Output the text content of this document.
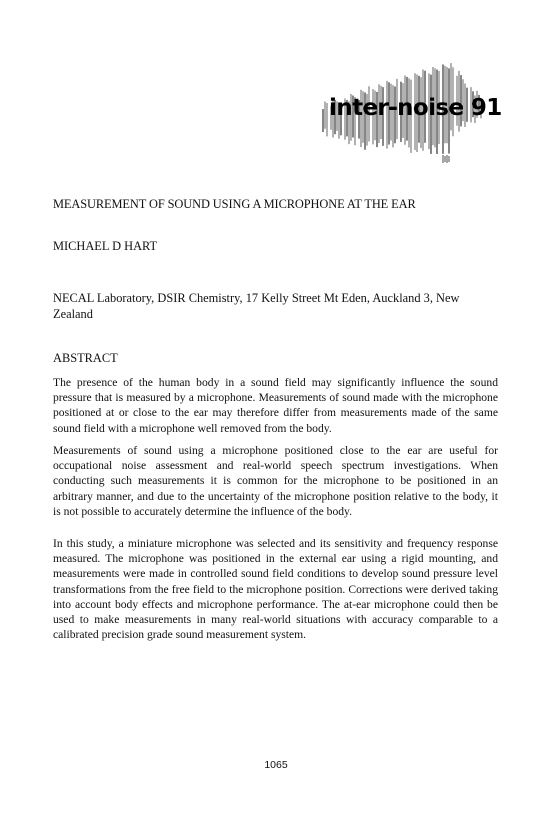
inter-noise 91
MEASUREMENT OF SOUND USING A MICROPHONE AT THE EAR
MICHAEL D HART
NECAL Laboratory, DSIR Chemistry, 17 Kelly Street Mt Eden, Auckland 3, New Zealand
ABSTRACT

The presence of the human body in a sound field may significantly influence the sound pressure that is measured by a microphone. Measurements of sound made with the microphone positioned at or close to the ear may therefore differ from measurements made of the same sound field with a microphone well removed from the body.

Measurements of sound using a microphone positioned close to the ear are useful for occupational noise assessment and real-world speech spectrum investigations. When conducting such measurements it is common for the microphone to be positioned in an arbitrary manner, and due to the uncertainty of the microphone position relative to the body, it is not possible to accurately determine the influence of the body.

In this study, a miniature microphone was selected and its sensitivity and frequency response measured. The microphone was positioned in the external ear using a rigid mounting, and measurements were made in controlled sound field conditions to develop sound pressure level transformations from the free field to the microphone position. Corrections were derived taking into account body effects and microphone performance. The at-ear microphone could then be used to make measurements in many real-world situations with accuracy comparable to a calibrated precision grade sound measurement system.

1065
